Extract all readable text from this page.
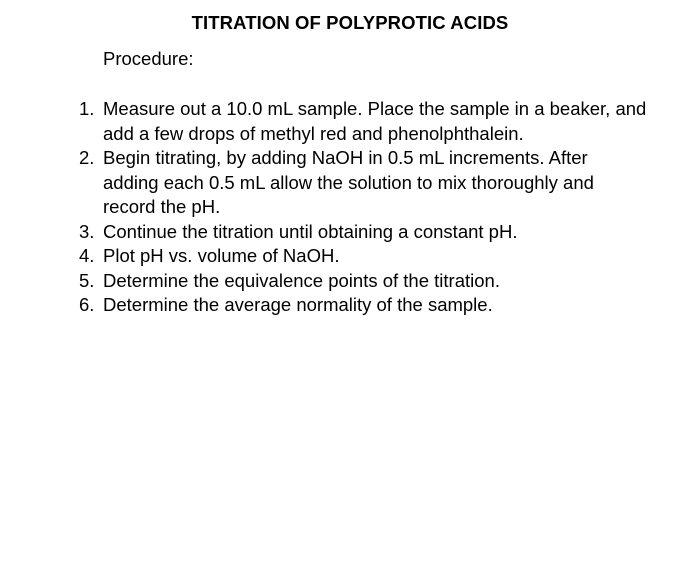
TITRATION OF POLYPROTIC ACIDS
Procedure:
1. Measure out a 10.0 mL sample. Place the sample in a beaker, and add a few drops of methyl red and phenolphthalein.
2. Begin titrating, by adding NaOH in 0.5 mL increments. After adding each 0.5 mL allow the solution to mix thoroughly and record the pH.
3. Continue the titration until obtaining a constant pH.
4. Plot pH vs. volume of NaOH.
5. Determine the equivalence points of the titration.
6. Determine the average normality of the sample.
